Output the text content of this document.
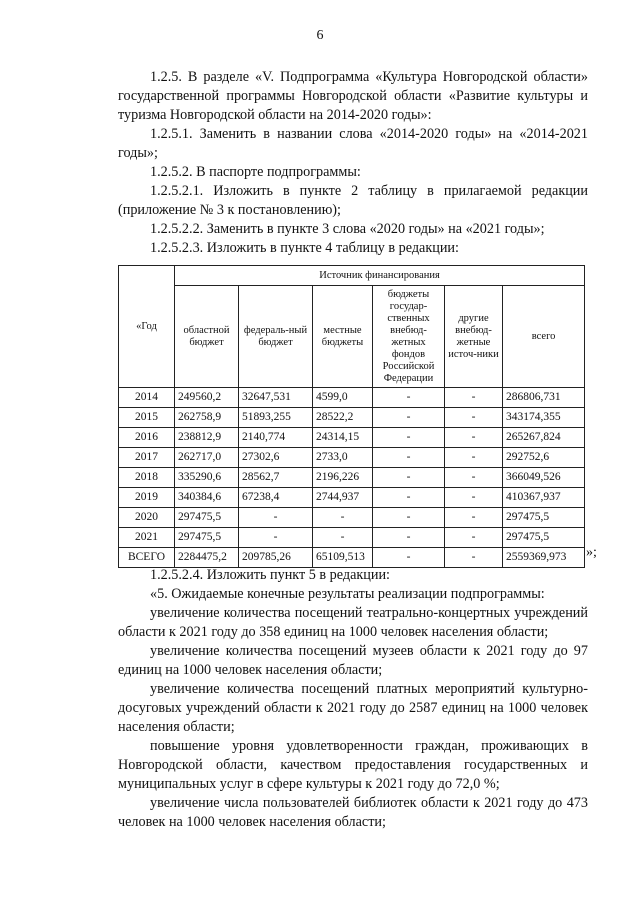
6

1.2.5. В разделе «V. Подпрограмма «Культура Новгородской области» государственной программы Новгородской области «Развитие культуры и туризма Новгородской области на 2014-2020 годы»:

1.2.5.1. Заменить в названии слова «2014-2020 годы» на «2014-2021 годы»;

1.2.5.2. В паспорте подпрограммы:

1.2.5.2.1. Изложить в пункте 2 таблицу в прилагаемой редакции (приложение № 3 к постановлению);

1.2.5.2.2. Заменить в пункте 3 слова «2020 годы» на «2021 годы»;

1.2.5.2.3. Изложить в пункте 4 таблицу в редакции:

«Год	Источник финансирования					
	областной бюджет	федераль-ный бюджет	местные бюджеты	бюджеты государ-ственных внебюд-жетных фондов Российской Федерации	другие внебюд-жетные источ-ники	всего
2014	249560,2	32647,531	4599,0	-	-	286806,731
2015	262758,9	51893,255	28522,2	-	-	343174,355
2016	238812,9	2140,774	24314,15	-	-	265267,824
2017	262717,0	27302,6	2733,0	-	-	292752,6
2018	335290,6	28562,7	2196,226	-	-	366049,526
2019	340384,6	67238,4	2744,937	-	-	410367,937
2020	297475,5	-	-	-	-	297475,5
2021	297475,5	-	-	-	-	297475,5
ВСЕГО	2284475,2	209785,26	65109,513	-	-	2559369,973 »;

1.2.5.2.4. Изложить пункт 5 в редакции:

«5. Ожидаемые конечные результаты реализации подпрограммы:

увеличение количества посещений театрально-концертных учреждений области к 2021 году до 358 единиц на 1000 человек населения области;

увеличение количества посещений музеев области к 2021 году до 97 единиц на 1000 человек населения области;

увеличение количества посещений платных мероприятий культурно-досуговых учреждений области к 2021 году до 2587 единиц на 1000 человек населения области;

повышение уровня удовлетворенности граждан, проживающих в Новгородской области, качеством предоставления государственных и муниципальных услуг в сфере культуры к 2021 году до 72,0 %;

увеличение числа пользователей библиотек области к 2021 году до 473 человек на 1000 человек населения области;
